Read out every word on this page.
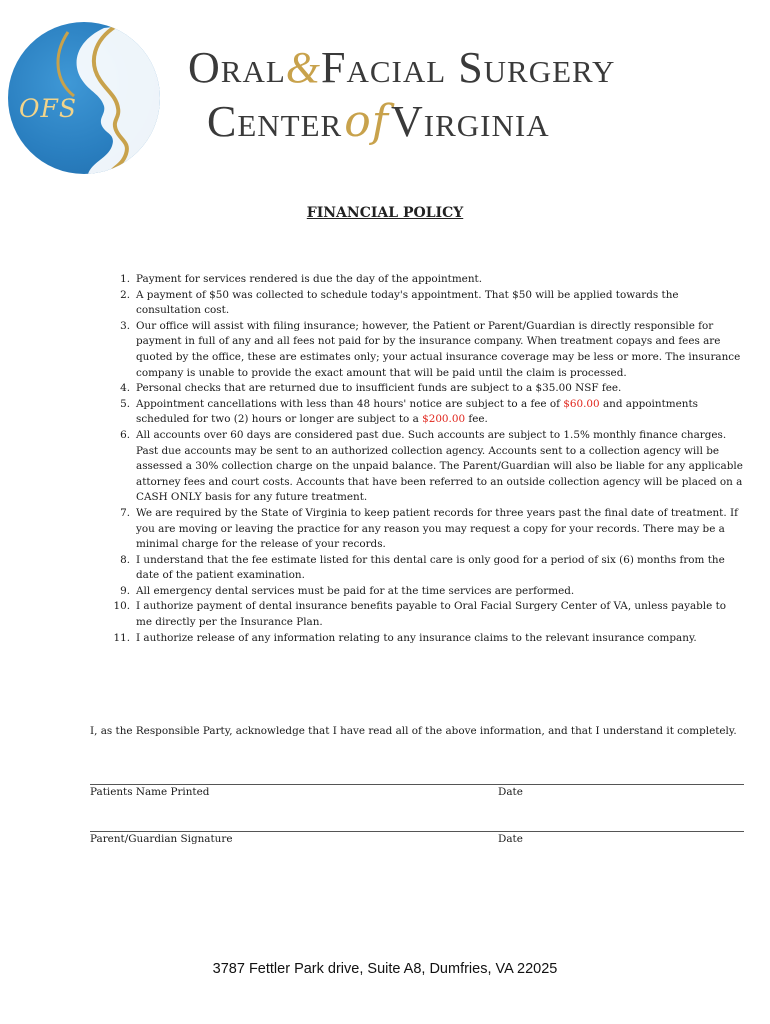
OFS
Oral&Facial Surgery
CenterofVirginia
FINANCIAL POLICY
1. Payment for services rendered is due the day of the appointment.
2. A payment of $50 was collected to schedule today's appointment. That $50 will be applied towards the consultation cost.
3. Our office will assist with filing insurance; however, the Patient or Parent/Guardian is directly responsible for payment in full of any and all fees not paid for by the insurance company. When treatment copays and fees are quoted by the office, these are estimates only; your actual insurance coverage may be less or more. The insurance company is unable to provide the exact amount that will be paid until the claim is processed.
4. Personal checks that are returned due to insufficient funds are subject to a $35.00 NSF fee.
5. Appointment cancellations with less than 48 hours' notice are subject to a fee of $60.00 and appointments scheduled for two (2) hours or longer are subject to a $200.00 fee.
6. All accounts over 60 days are considered past due. Such accounts are subject to 1.5% monthly finance charges. Past due accounts may be sent to an authorized collection agency. Accounts sent to a collection agency will be assessed a 30% collection charge on the unpaid balance. The Parent/Guardian will also be liable for any applicable attorney fees and court costs. Accounts that have been referred to an outside collection agency will be placed on a CASH ONLY basis for any future treatment.
7. We are required by the State of Virginia to keep patient records for three years past the final date of treatment. If you are moving or leaving the practice for any reason you may request a copy for your records. There may be a minimal charge for the release of your records.
8. I understand that the fee estimate listed for this dental care is only good for a period of six (6) months from the date of the patient examination.
9. All emergency dental services must be paid for at the time services are performed.
10. I authorize payment of dental insurance benefits payable to Oral Facial Surgery Center of VA, unless payable to me directly per the Insurance Plan.
11. I authorize release of any information relating to any insurance claims to the relevant insurance company.
I, as the Responsible Party, acknowledge that I have read all of the above information, and that I understand it completely.
Patients Name Printed	Date
Parent/Guardian Signature	Date
3787 Fettler Park drive, Suite A8, Dumfries, VA 22025
